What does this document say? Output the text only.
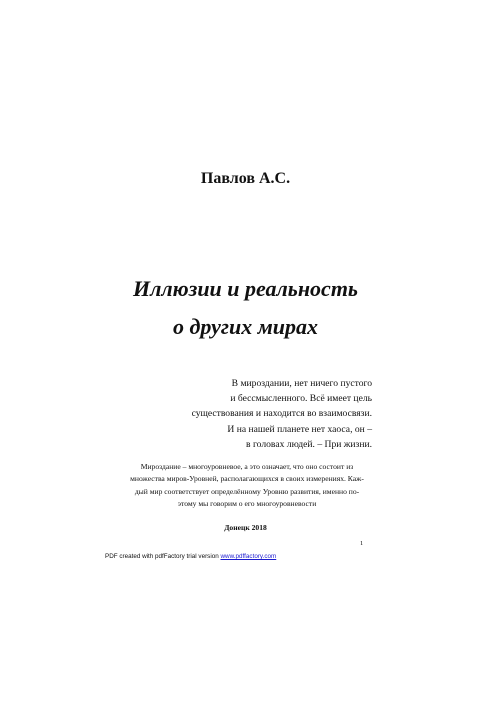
Павлов А.С.
Иллюзии и реальность
о других мирах
В мироздании, нет ничего пустого
и бессмысленного. Всё имеет цель
существования и находится во взаимосвязи.
И на нашей планете нет хаоса, он –
в головах людей. – При жизни.
Мироздание – многоуровневое, а это означает, что оно состоит из
множества миров-Уровней, располагающихся в своих измерениях. Каж-
дый мир соответствует определённому Уровню развития, именно по-
этому мы говорим о его многоуровневости
Донецк 2018
1
PDF created with pdfFactory trial version www.pdffactory.com
